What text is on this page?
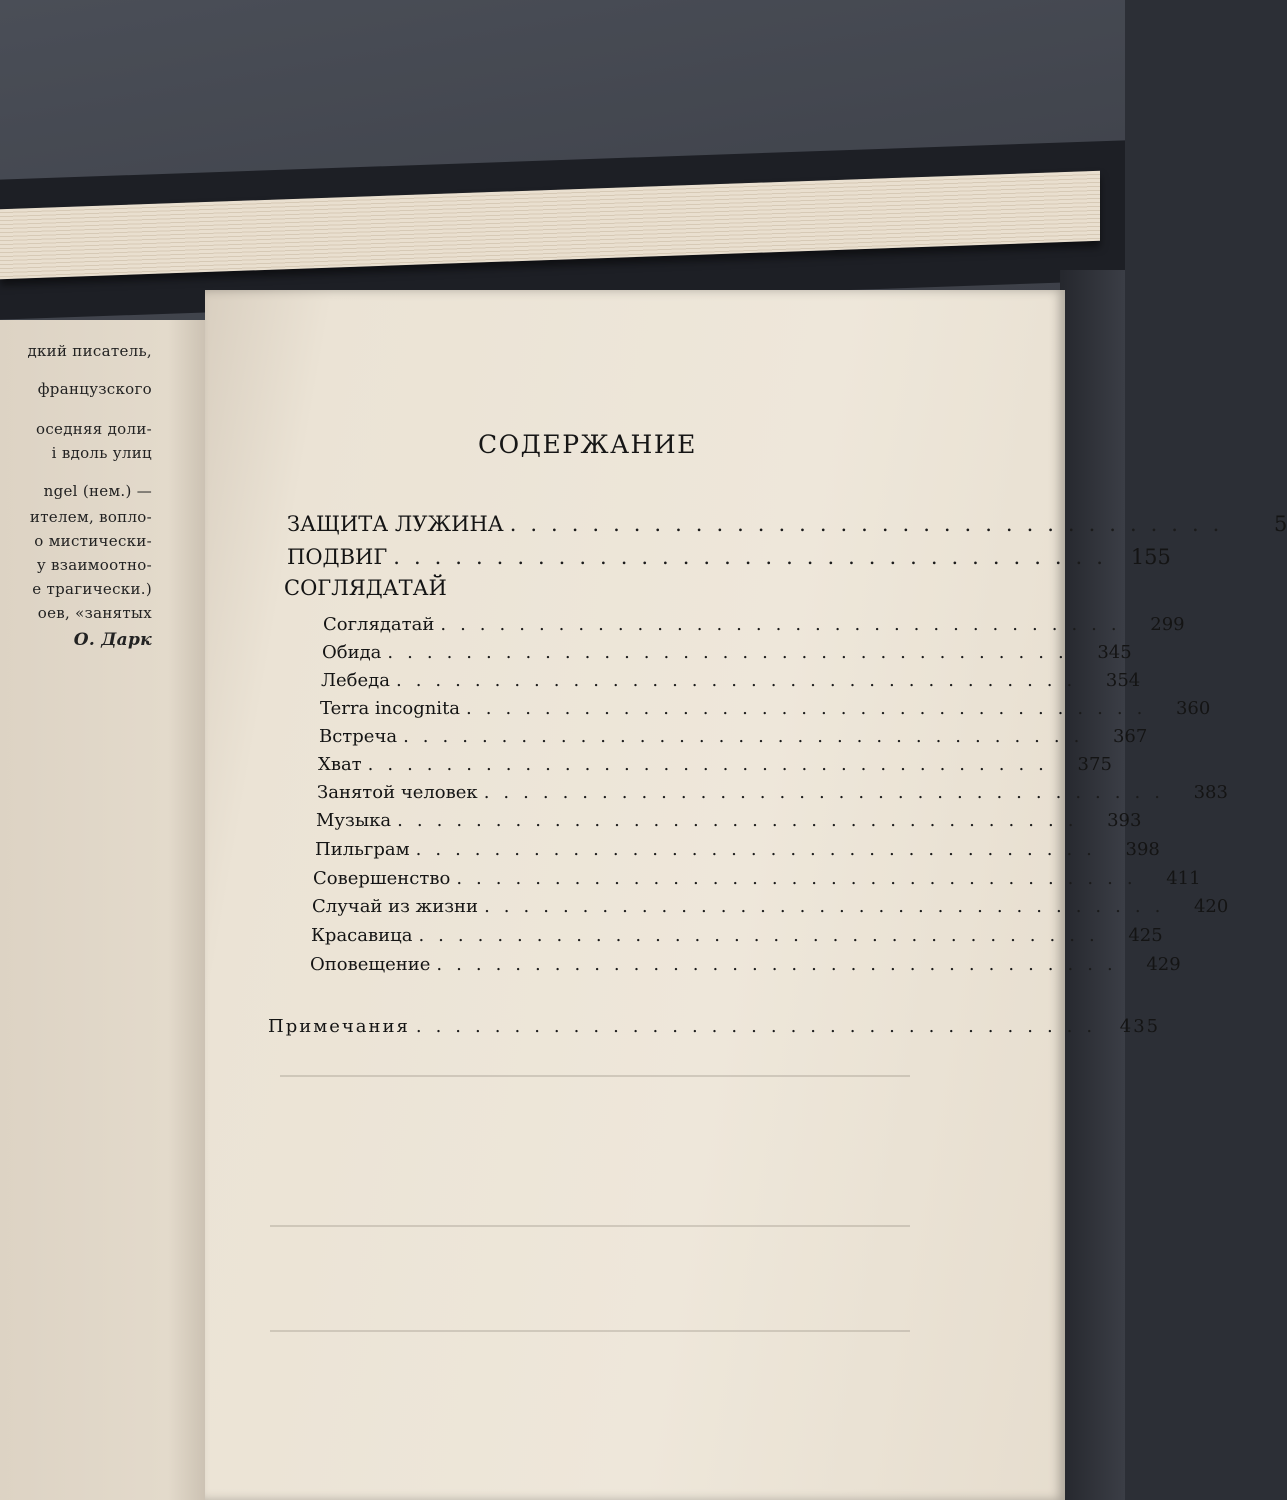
дкий писатель,
французского
оседняя доли-
і вдоль улиц
ngel (нем.) —
ителем, вопло-
о мистически-
у взаимоотно-
е трагически.)
оев, «занятых
О. Дарк
СОДЕРЖАНИЕ
ЗАЩИТА ЛУЖИНА ...................................	5
ПОДВИГ ................................... 155
СОГЛЯДАТАЙ
Соглядатай ...................................	299
Обида ...................................	345
Лебеда ...................................	354
Terra incognita ...................................	360
Встреча ...................................	367
Хват ...................................	375
Занятой человек ...................................	383
Музыка ...................................	393
Пильграм ...................................	398
Совершенство ...................................	411
Случай из жизни ...................................	420
Красавица ...................................	425
Оповещение ...................................	429
Примечания ................................... 435
